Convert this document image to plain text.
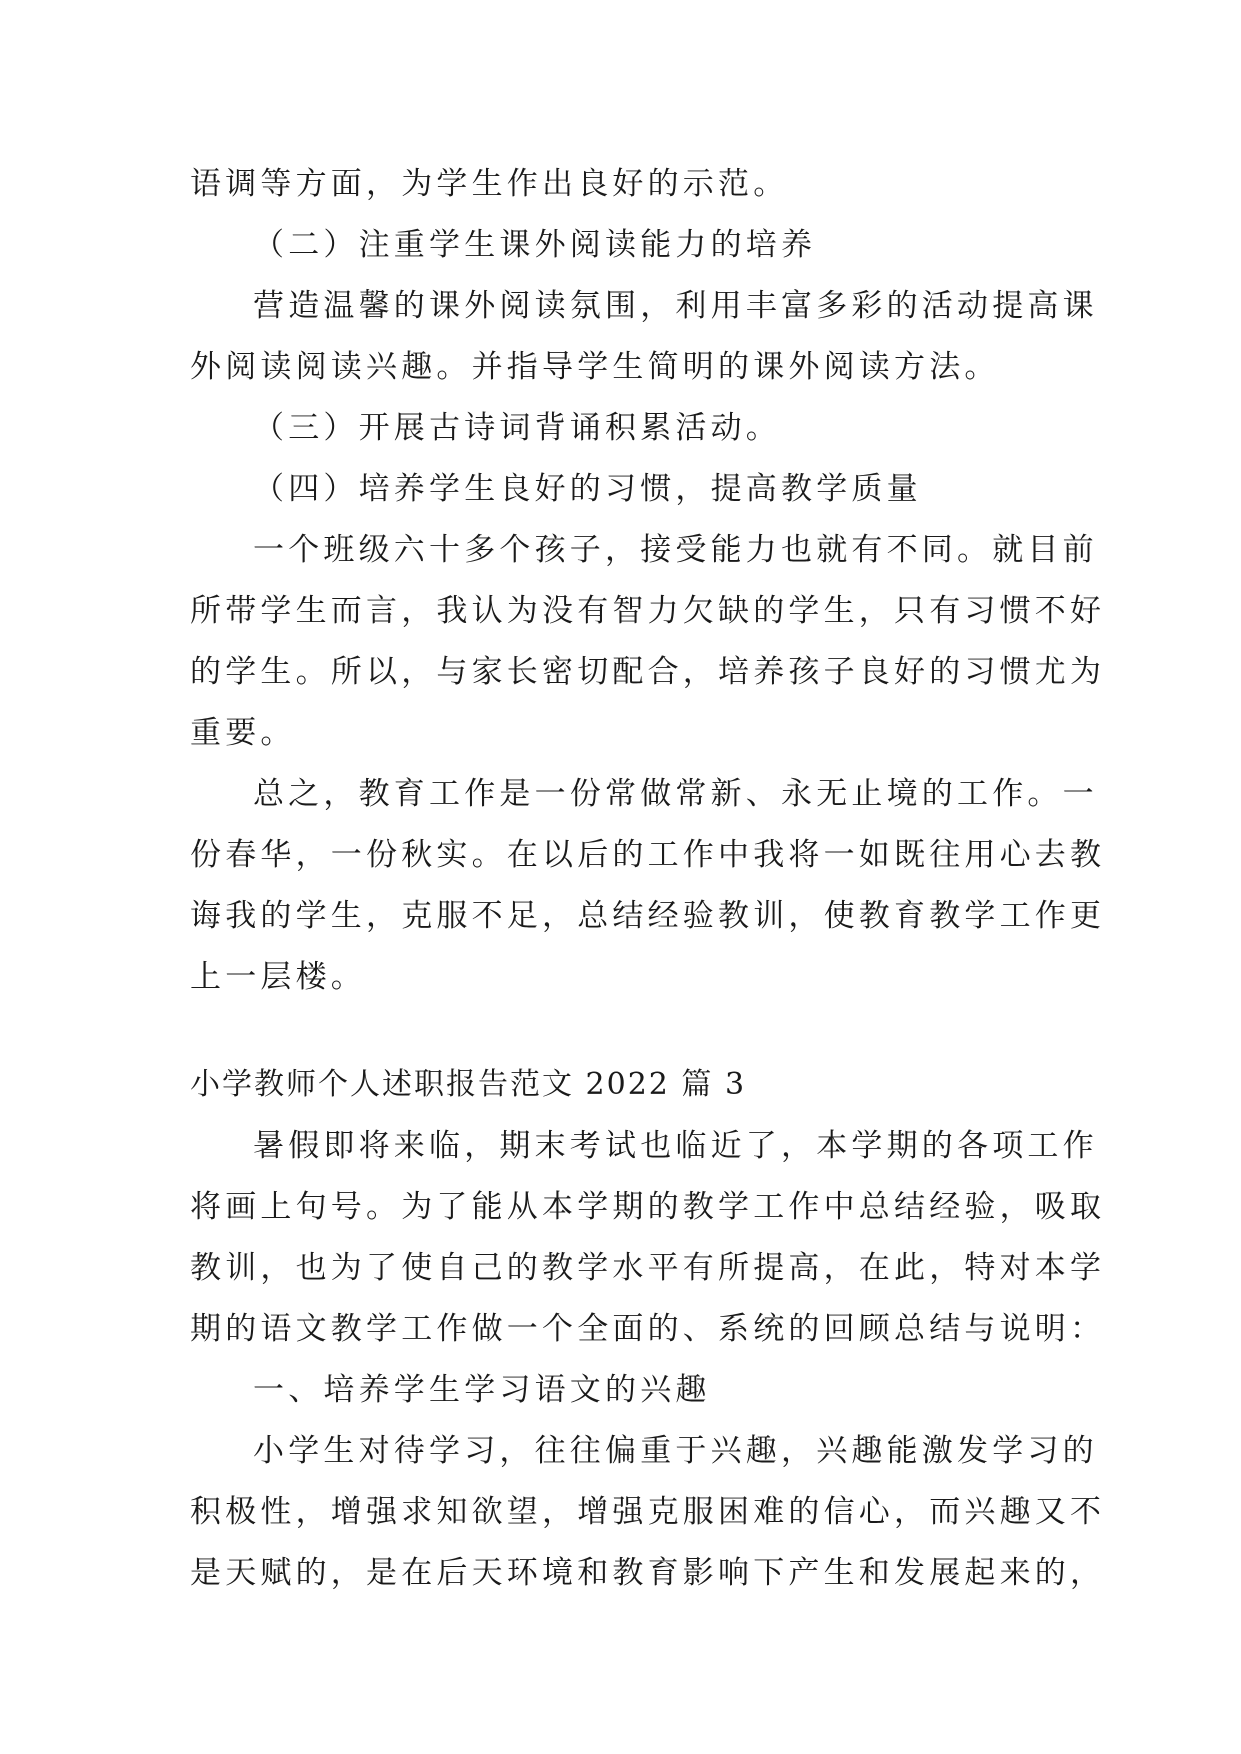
语调等方面，为学生作出良好的示范。
（二）注重学生课外阅读能力的培养
营造温馨的课外阅读氛围，利用丰富多彩的活动提高课
外阅读阅读兴趣。并指导学生简明的课外阅读方法。
（三）开展古诗词背诵积累活动。
（四）培养学生良好的习惯，提高教学质量
一个班级六十多个孩子，接受能力也就有不同。就目前
所带学生而言，我认为没有智力欠缺的学生，只有习惯不好
的学生。所以，与家长密切配合，培养孩子良好的习惯尤为
重要。
总之，教育工作是一份常做常新、永无止境的工作。一
份春华，一份秋实。在以后的工作中我将一如既往用心去教
诲我的学生，克服不足，总结经验教训，使教育教学工作更
上一层楼。
小学教师个人述职报告范文 2022 篇 3
暑假即将来临，期末考试也临近了，本学期的各项工作
将画上句号。为了能从本学期的教学工作中总结经验，吸取
教训，也为了使自己的教学水平有所提高，在此，特对本学
期的语文教学工作做一个全面的、系统的回顾总结与说明：
一、培养学生学习语文的兴趣
小学生对待学习，往往偏重于兴趣，兴趣能激发学习的
积极性，增强求知欲望，增强克服困难的信心，而兴趣又不
是天赋的，是在后天环境和教育影响下产生和发展起来的，
